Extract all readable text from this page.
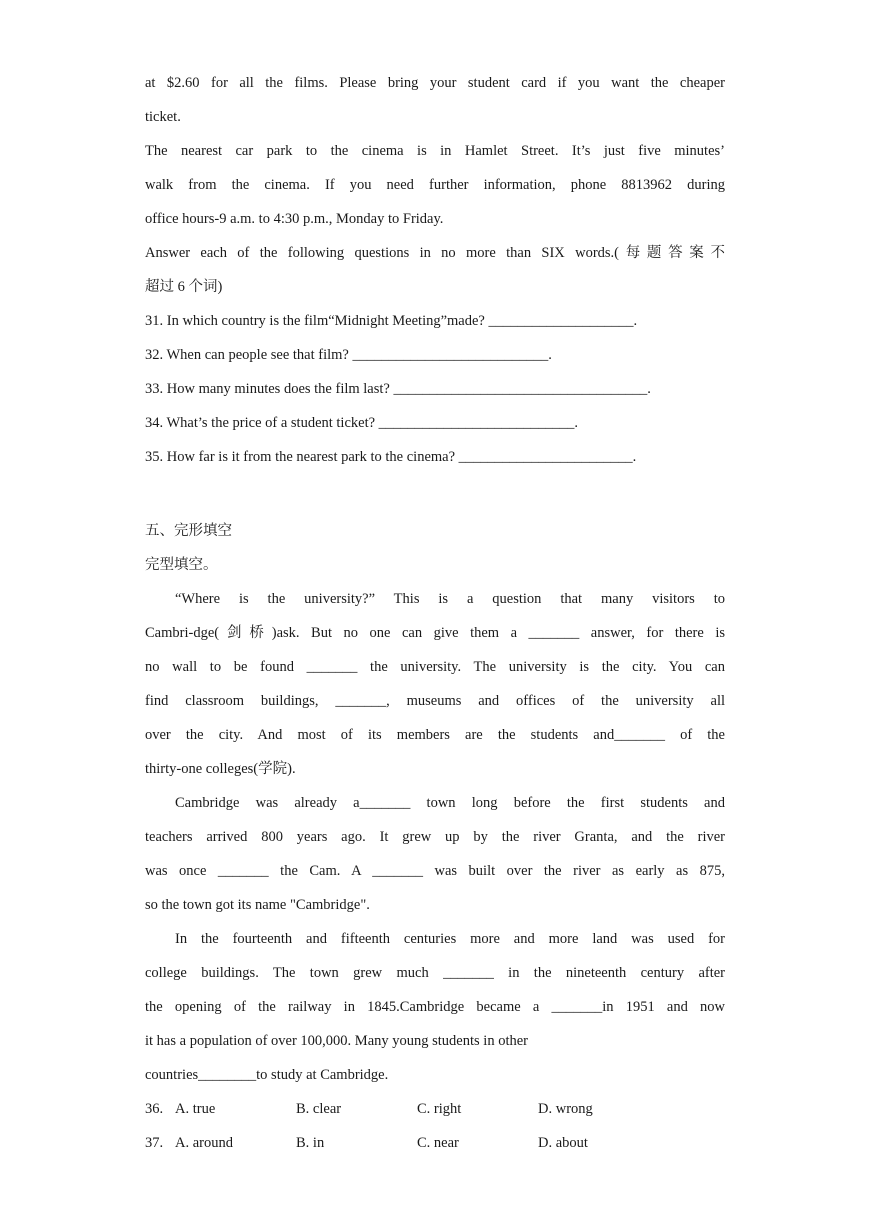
at $2.60 for all the films. Please bring your student card if you want the cheaper
ticket.
The nearest car park to the cinema is in Hamlet Street. It’s just five minutes’
walk from the cinema. If you need further information, phone 8813962 during
office hours-9 a.m. to 4:30 p.m., Monday to Friday.
Answer each of the following questions in no more than SIX words.(每题答案不
超过 6 个词)
31. In which country is the film“Midnight Meeting”made? ____________________.
32. When can people see that film? ___________________________.
33. How many minutes does the film last? ___________________________________.
34. What’s the price of a student ticket? ___________________________.
35. How far is it from the nearest park to the cinema? ________________________.
五、完形填空
完型填空。
“Where is the university?” This is a question that many visitors to
Cambri-dge(剑桥)ask. But no one can give them a _______ answer, for there is
no wall to be found _______ the university. The university is the city. You can
find classroom buildings, _______, museums and offices of the university all
over the city. And most of its members are the students and_______ of the
thirty-one colleges(学院).
Cambridge was already a_______ town long before the first students and
teachers arrived 800 years ago. It grew up by the river Granta, and the river
was once _______ the Cam. A _______ was built over the river as early as 875,
so the town got its name "Cambridge".
In the fourteenth and fifteenth centuries more and more land was used for
college buildings. The town grew much _______ in the nineteenth century after
the opening of the railway in 1845.Cambridge became a _______in 1951 and now
it has a population of over 100,000. Many young students in other
countries________to study at Cambridge.
36. A. true	B. clear	C. right	D. wrong
37. A. around	B. in	C. near	D. about
